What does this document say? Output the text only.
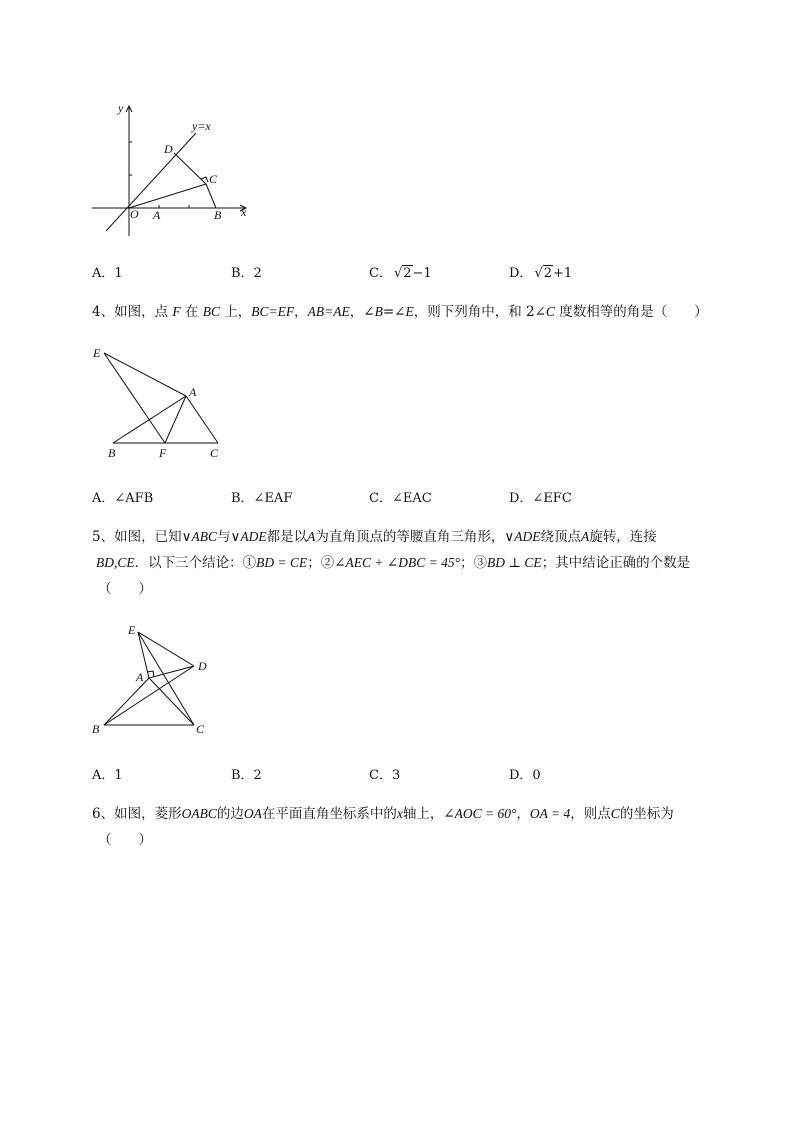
y
x
y=x
O A	B
C
D
A．1	B．2	C． √2−1	D． √2+1
4、如图，点 F 在 BC 上，BC=EF，AB=AE，∠B=∠E，则下列角中，和 2∠C 度数相等的角是（　　）
E
A
B	F	C
A．∠AFB	B．∠EAF	C．∠EAC	D．∠EFC
5、如图，已知∨ABC与∨ADE都是以A为直角顶点的等腰直角三角形，∨ADE绕顶点A旋转，连接
BD,CE．以下三个结论：①BD = CE；②∠AEC + ∠DBC = 45°；③BD ⊥ CE；其中结论正确的个数是
（　　）
E
D
A
B	C
A．1	B．2	C．3	D．0
6、如图，菱形OABC的边OA在平面直角坐标系中的x轴上，∠AOC = 60°，OA = 4，则点C的坐标为
（　　）
